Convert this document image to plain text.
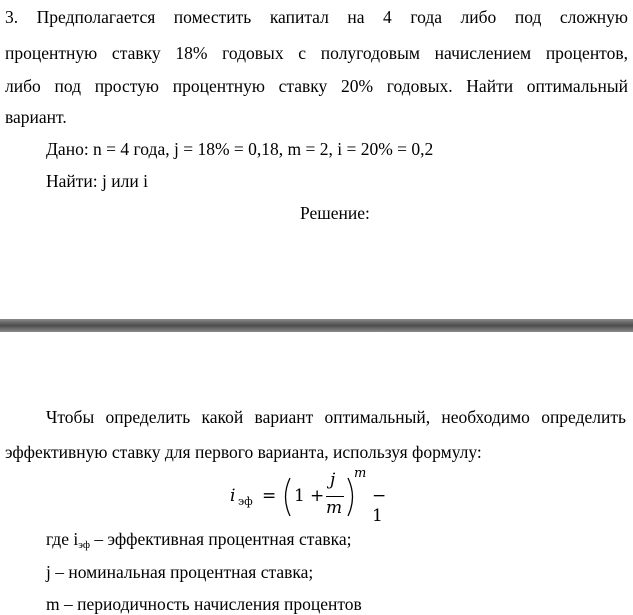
3. Предполагается поместить капитал на 4 года либо под сложную
процентную ставку 18% годовых с полугодовым начислением процентов,
либо под простую процентную ставку 20% годовых. Найти оптимальный
вариант.
Дано: n = 4 года, j = 18% = 0,18, m = 2, i = 20% = 0,2
Найти: j или i
Решение:
Чтобы определить какой вариант оптимальный, необходимо определить
эффективную ставку для первого варианта, используя формулу:
i эф = 1 +
j
m
m
− 1
где iэф – эффективная процентная ставка;
j – номинальная процентная ставка;
m – периодичность начисления процентов
